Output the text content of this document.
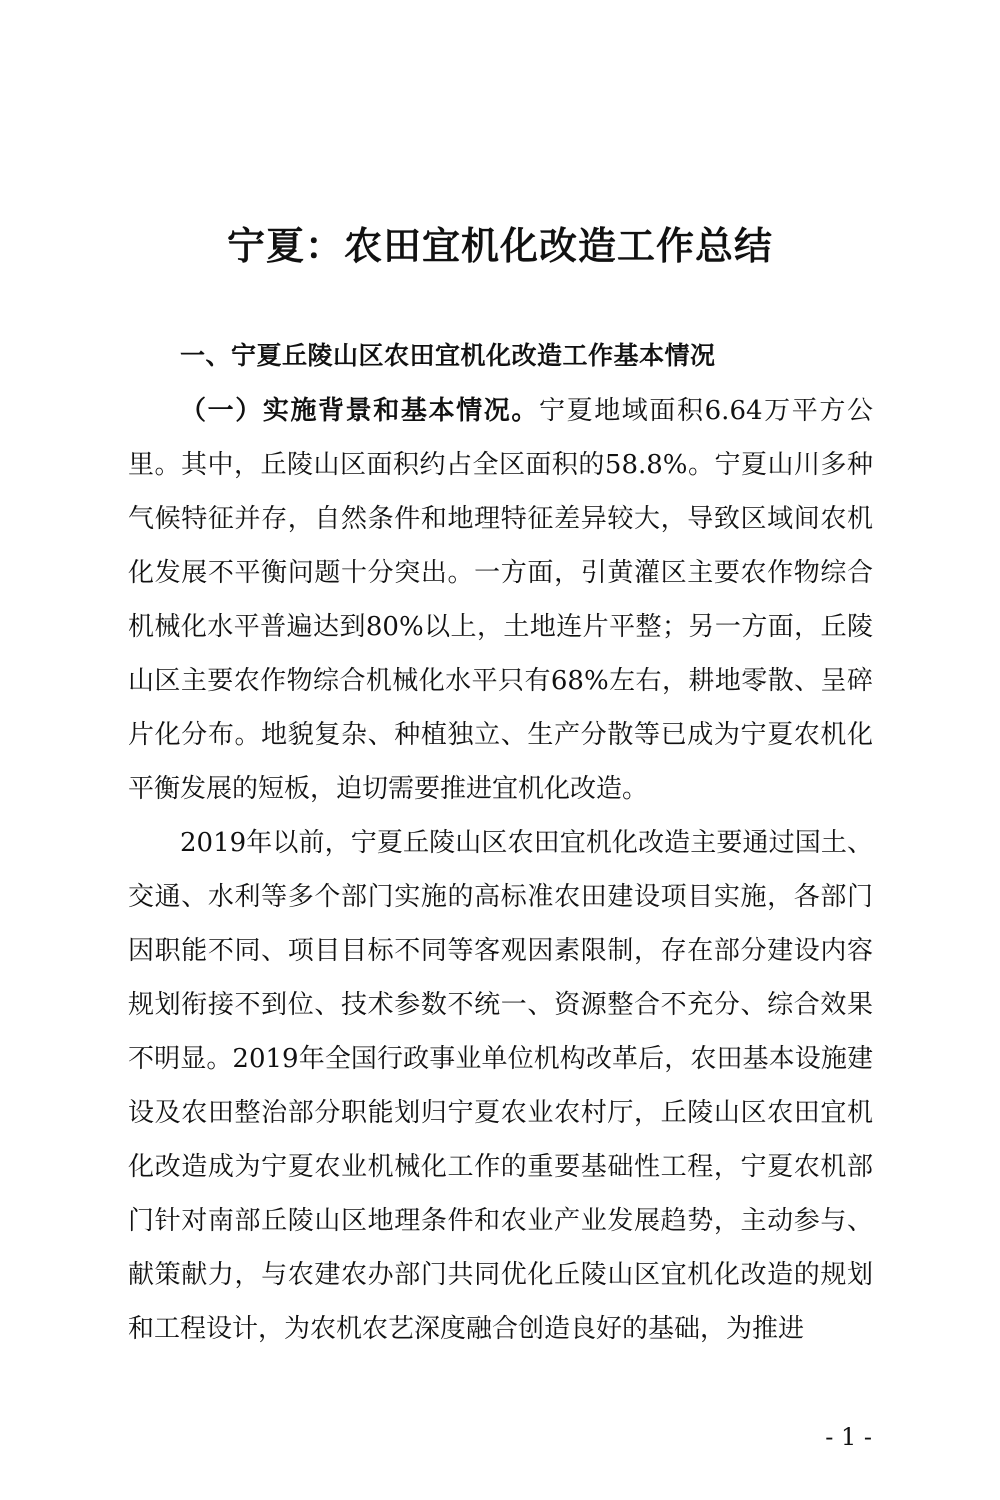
宁夏：农田宜机化改造工作总结
一、宁夏丘陵山区农田宜机化改造工作基本情况

（一）实施背景和基本情况。宁夏地域面积6.64万平方公里。其中，丘陵山区面积约占全区面积的58.8%。宁夏山川多种气候特征并存，自然条件和地理特征差异较大，导致区域间农机化发展不平衡问题十分突出。一方面，引黄灌区主要农作物综合机械化水平普遍达到80%以上，土地连片平整；另一方面，丘陵山区主要农作物综合机械化水平只有68%左右，耕地零散、呈碎片化分布。地貌复杂、种植独立、生产分散等已成为宁夏农机化平衡发展的短板，迫切需要推进宜机化改造。

2019年以前，宁夏丘陵山区农田宜机化改造主要通过国土、交通、水利等多个部门实施的高标准农田建设项目实施，各部门因职能不同、项目目标不同等客观因素限制，存在部分建设内容规划衔接不到位、技术参数不统一、资源整合不充分、综合效果不明显。2019年全国行政事业单位机构改革后，农田基本设施建设及农田整治部分职能划归宁夏农业农村厅，丘陵山区农田宜机化改造成为宁夏农业机械化工作的重要基础性工程，宁夏农机部门针对南部丘陵山区地理条件和农业产业发展趋势，主动参与、献策献力，与农建农办部门共同优化丘陵山区宜机化改造的规划和工程设计，为农机农艺深度融合创造良好的基础，为推进

- 1 -
